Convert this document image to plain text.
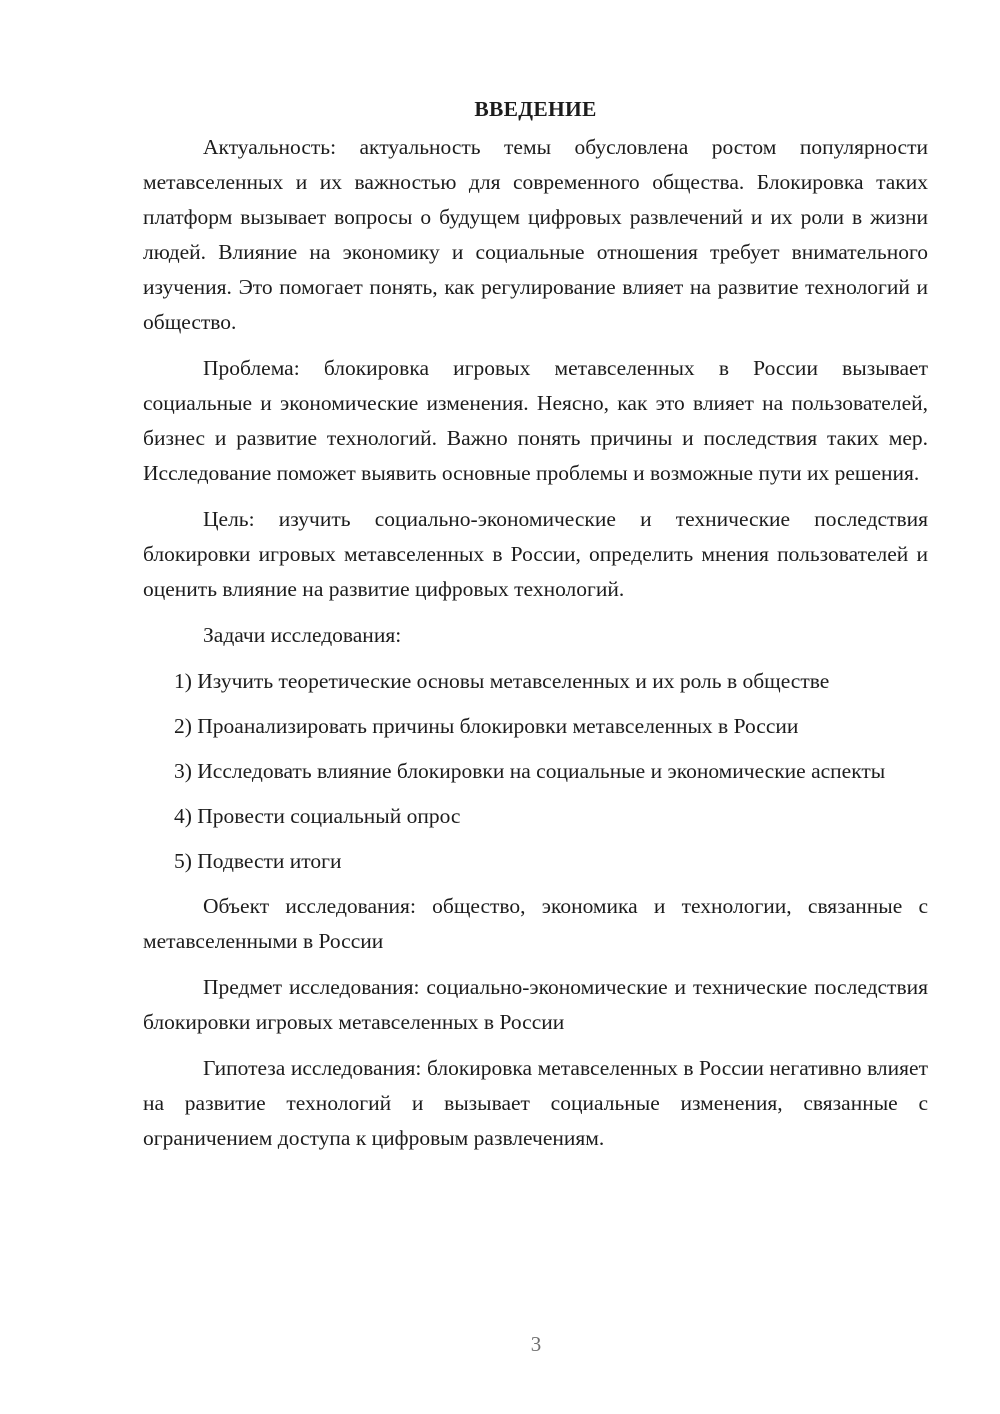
ВВЕДЕНИЕ

Актуальность: актуальность темы обусловлена ростом популярности метавселенных и их важностью для современного общества. Блокировка таких платформ вызывает вопросы о будущем цифровых развлечений и их роли в жизни людей. Влияние на экономику и социальные отношения требует внимательного изучения. Это помогает понять, как регулирование влияет на развитие технологий и общество.

Проблема: блокировка игровых метавселенных в России вызывает социальные и экономические изменения. Неясно, как это влияет на пользователей, бизнес и развитие технологий. Важно понять причины и последствия таких мер. Исследование поможет выявить основные проблемы и возможные пути их решения.

Цель: изучить социально-экономические и технические последствия блокировки игровых метавселенных в России, определить мнения пользователей и оценить влияние на развитие цифровых технологий.

Задачи исследования:

1) Изучить теоретические основы метавселенных и их роль в обществе

2) Проанализировать причины блокировки метавселенных в России

3) Исследовать влияние блокировки на социальные и экономические аспекты

4) Провести социальный опрос

5) Подвести итоги

Объект исследования: общество, экономика и технологии, связанные с метавселенными в России

Предмет исследования: социально-экономические и технические последствия блокировки игровых метавселенных в России

Гипотеза исследования: блокировка метавселенных в России негативно влияет на развитие технологий и вызывает социальные изменения, связанные с ограничением доступа к цифровым развлечениям.

3
